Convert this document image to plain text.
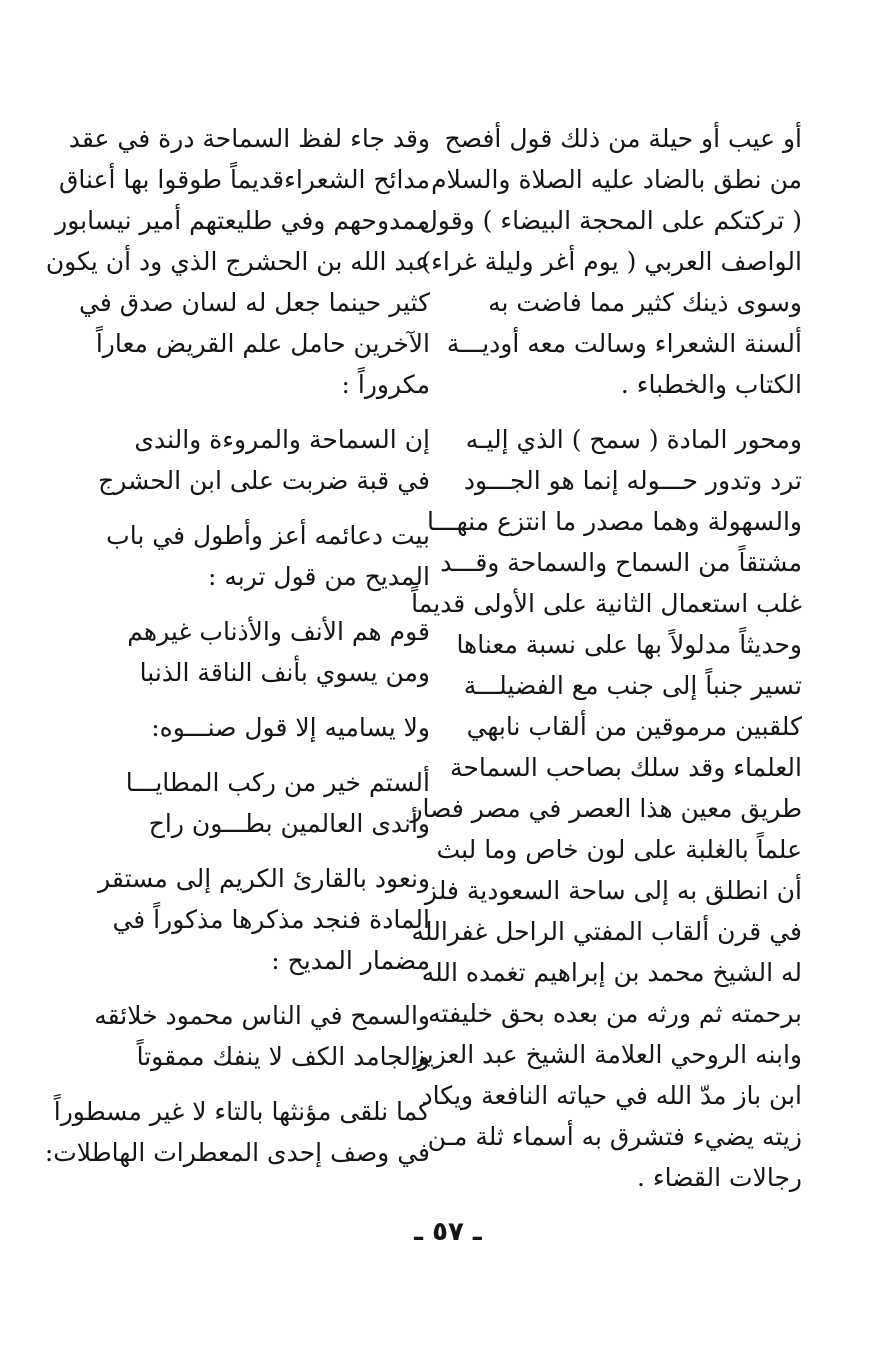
أو عيب أو حيلة من ذلك قول أفصح
من نطق بالضاد عليه الصلاة والسلام
( تركتكم على المحجة البيضاء ) وقول
الواصف العربي ( يوم أغر وليلة غراء)
وسوى ذينك كثير مما فاضت به
ألسنة الشعراء وسالت معه أوديـــة
الكتاب والخطباء .

ومحور المادة ( سمح ) الذي إليـه
ترد وتدور حـــوله إنما هو الجـــود
والسهولة وهما مصدر ما انتزع منهـــا
مشتقاً من السماح والسماحة وقـــد
غلب استعمال الثانية على الأولى قديماً
وحديثاً مدلولاً بها على نسبة معناها
تسير جنباً إلى جنب مع الفضيلـــة
كلقبين مرموقين من ألقاب نابهي
العلماء وقد سلك بصاحب السماحة
طريق معين هذا العصر في مصر فصار
علماً بالغلبة على لون خاص وما لبث
أن انطلق به إلى ساحة السعودية فلز
في قرن ألقاب المفتي الراحل غفرالله
له الشيخ محمد بن إبراهيم تغمده الله
برحمته ثم ورثه من بعده بحق خليفته
وابنه الروحي العلامة الشيخ عبد العزيز
ابن باز مدّ الله في حياته النافعة ويكاد
زيته يضيء فتشرق به أسماء ثلة مـن
رجالات القضاء .

وقد جاء لفظ السماحة درة في عقد
مدائح الشعراءقديماً طوقوا بها أعناق
ممدوحهم وفي طليعتهم أمير نيسابور
عبد الله بن الحشرج الذي ود أن يكون
كثير حينما جعل له لسان صدق في
الآخرين حامل علم القريض معاراً
مكروراً :

إن السماحة والمروءة والندى
في قبة ضربت على ابن الحشرج

بيت دعائمه أعز وأطول في باب
المديح من قول تربه :

قوم هم الأنف والأذناب غيرهم
ومن يسوي بأنف الناقة الذنبا

ولا يساميه إلا قول صنـــوه:

ألستم خير من ركب المطايـــا
وأندى العالمين بطـــون راح

ونعود بالقارئ الكريم إلى مستقر
المادة فنجد مذكرها مذكوراً في
مضمار المديح :

والسمح في الناس محمود خلائقه
والجامد الكف لا ينفك ممقوتاً

كما نلقى مؤنثها بالتاء لا غير مسطوراً
في وصف إحدى المعطرات الهاطلات:

ـ ٥٧ ـ
